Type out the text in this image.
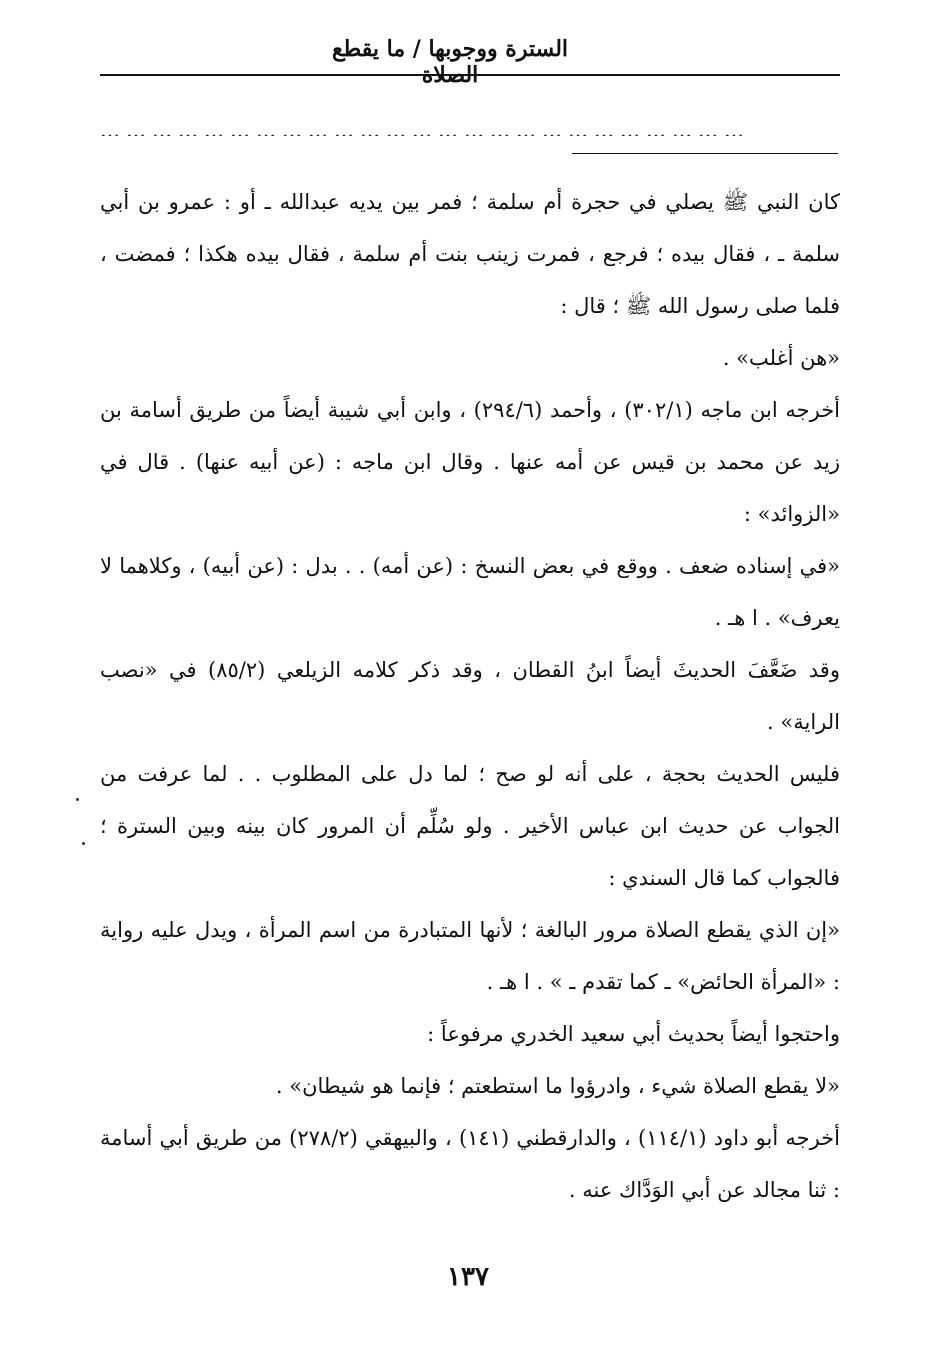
السترة ووجوبها / ما يقطع الصلاة
…………………………………………………………………

كان النبي ﷺ يصلي في حجرة أم سلمة ؛ فمر بين يديه عبدالله ـ أو : عمرو بن أبي سلمة ـ ، فقال بيده ؛ فرجع ، فمرت زينب بنت أم سلمة ، فقال بيده هكذا ؛ فمضت ، فلما صلى رسول الله ﷺ ؛ قال :

«هن أغلب» .

أخرجه ابن ماجه (٣٠٢/١) ، وأحمد (٢٩٤/٦) ، وابن أبي شيبة أيضاً من طريق أسامة بن زيد عن محمد بن قيس عن أمه عنها . وقال ابن ماجه : (عن أبيه عنها) . قال في «الزوائد» :

«في إسناده ضعف . ووقع في بعض النسخ : (عن أمه) . . بدل : (عن أبيه) ، وكلاهما لا يعرف» . ا هـ .

وقد ضَعَّفَ الحديثَ أيضاً ابنُ القطان ، وقد ذكر كلامه الزيلعي (٨٥/٢) في «نصب الراية» .

فليس الحديث بحجة ، على أنه لو صح ؛ لما دل على المطلوب . . لما عرفت من الجواب عن حديث ابن عباس الأخير . ولو سُلِّم أن المرور كان بينه وبين السترة ؛ فالجواب كما قال السندي :

«إن الذي يقطع الصلاة مرور البالغة ؛ لأنها المتبادرة من اسم المرأة ، ويدل عليه رواية : «المرأة الحائض» ـ كما تقدم ـ » . ا هـ .

واحتجوا أيضاً بحديث أبي سعيد الخدري مرفوعاً :

«لا يقطع الصلاة شيء ، وادرؤوا ما استطعتم ؛ فإنما هو شيطان» .

أخرجه أبو داود (١١٤/١) ، والدارقطني (١٤١) ، والبيهقي (٢٧٨/٢) من طريق أبي أسامة : ثنا مجالد عن أبي الوَدَّاك عنه .

١٣٧
